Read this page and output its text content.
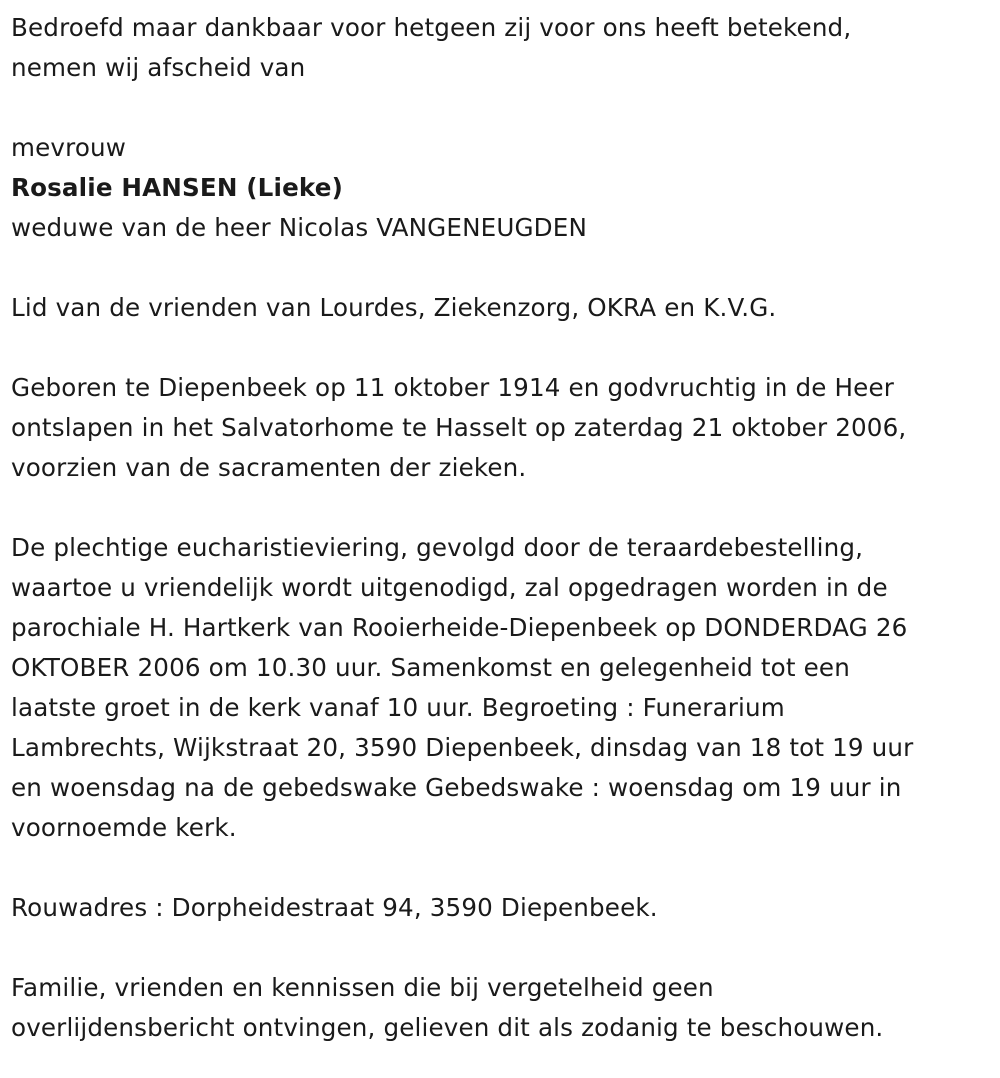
Bedroefd maar dankbaar voor hetgeen zij voor ons heeft betekend,
nemen wij afscheid van
mevrouw
Rosalie HANSEN (Lieke)
weduwe van de heer Nicolas VANGENEUGDEN
Lid van de vrienden van Lourdes, Ziekenzorg, OKRA en K.V.G.
Geboren te Diepenbeek op 11 oktober 1914 en godvruchtig in de Heer
ontslapen in het Salvatorhome te Hasselt op zaterdag 21 oktober 2006,
voorzien van de sacramenten der zieken.
De plechtige eucharistieviering, gevolgd door de teraardebestelling,
waartoe u vriendelijk wordt uitgenodigd, zal opgedragen worden in de
parochiale H. Hartkerk van Rooierheide-Diepenbeek op DONDERDAG 26
OKTOBER 2006 om 10.30 uur. Samenkomst en gelegenheid tot een
laatste groet in de kerk vanaf 10 uur. Begroeting : Funerarium
Lambrechts, Wijkstraat 20, 3590 Diepenbeek, dinsdag van 18 tot 19 uur
en woensdag na de gebedswake Gebedswake : woensdag om 19 uur in
voornoemde kerk.
Rouwadres : Dorpheidestraat 94, 3590 Diepenbeek.
Familie, vrienden en kennissen die bij vergetelheid geen
overlijdensbericht ontvingen, gelieven dit als zodanig te beschouwen.
